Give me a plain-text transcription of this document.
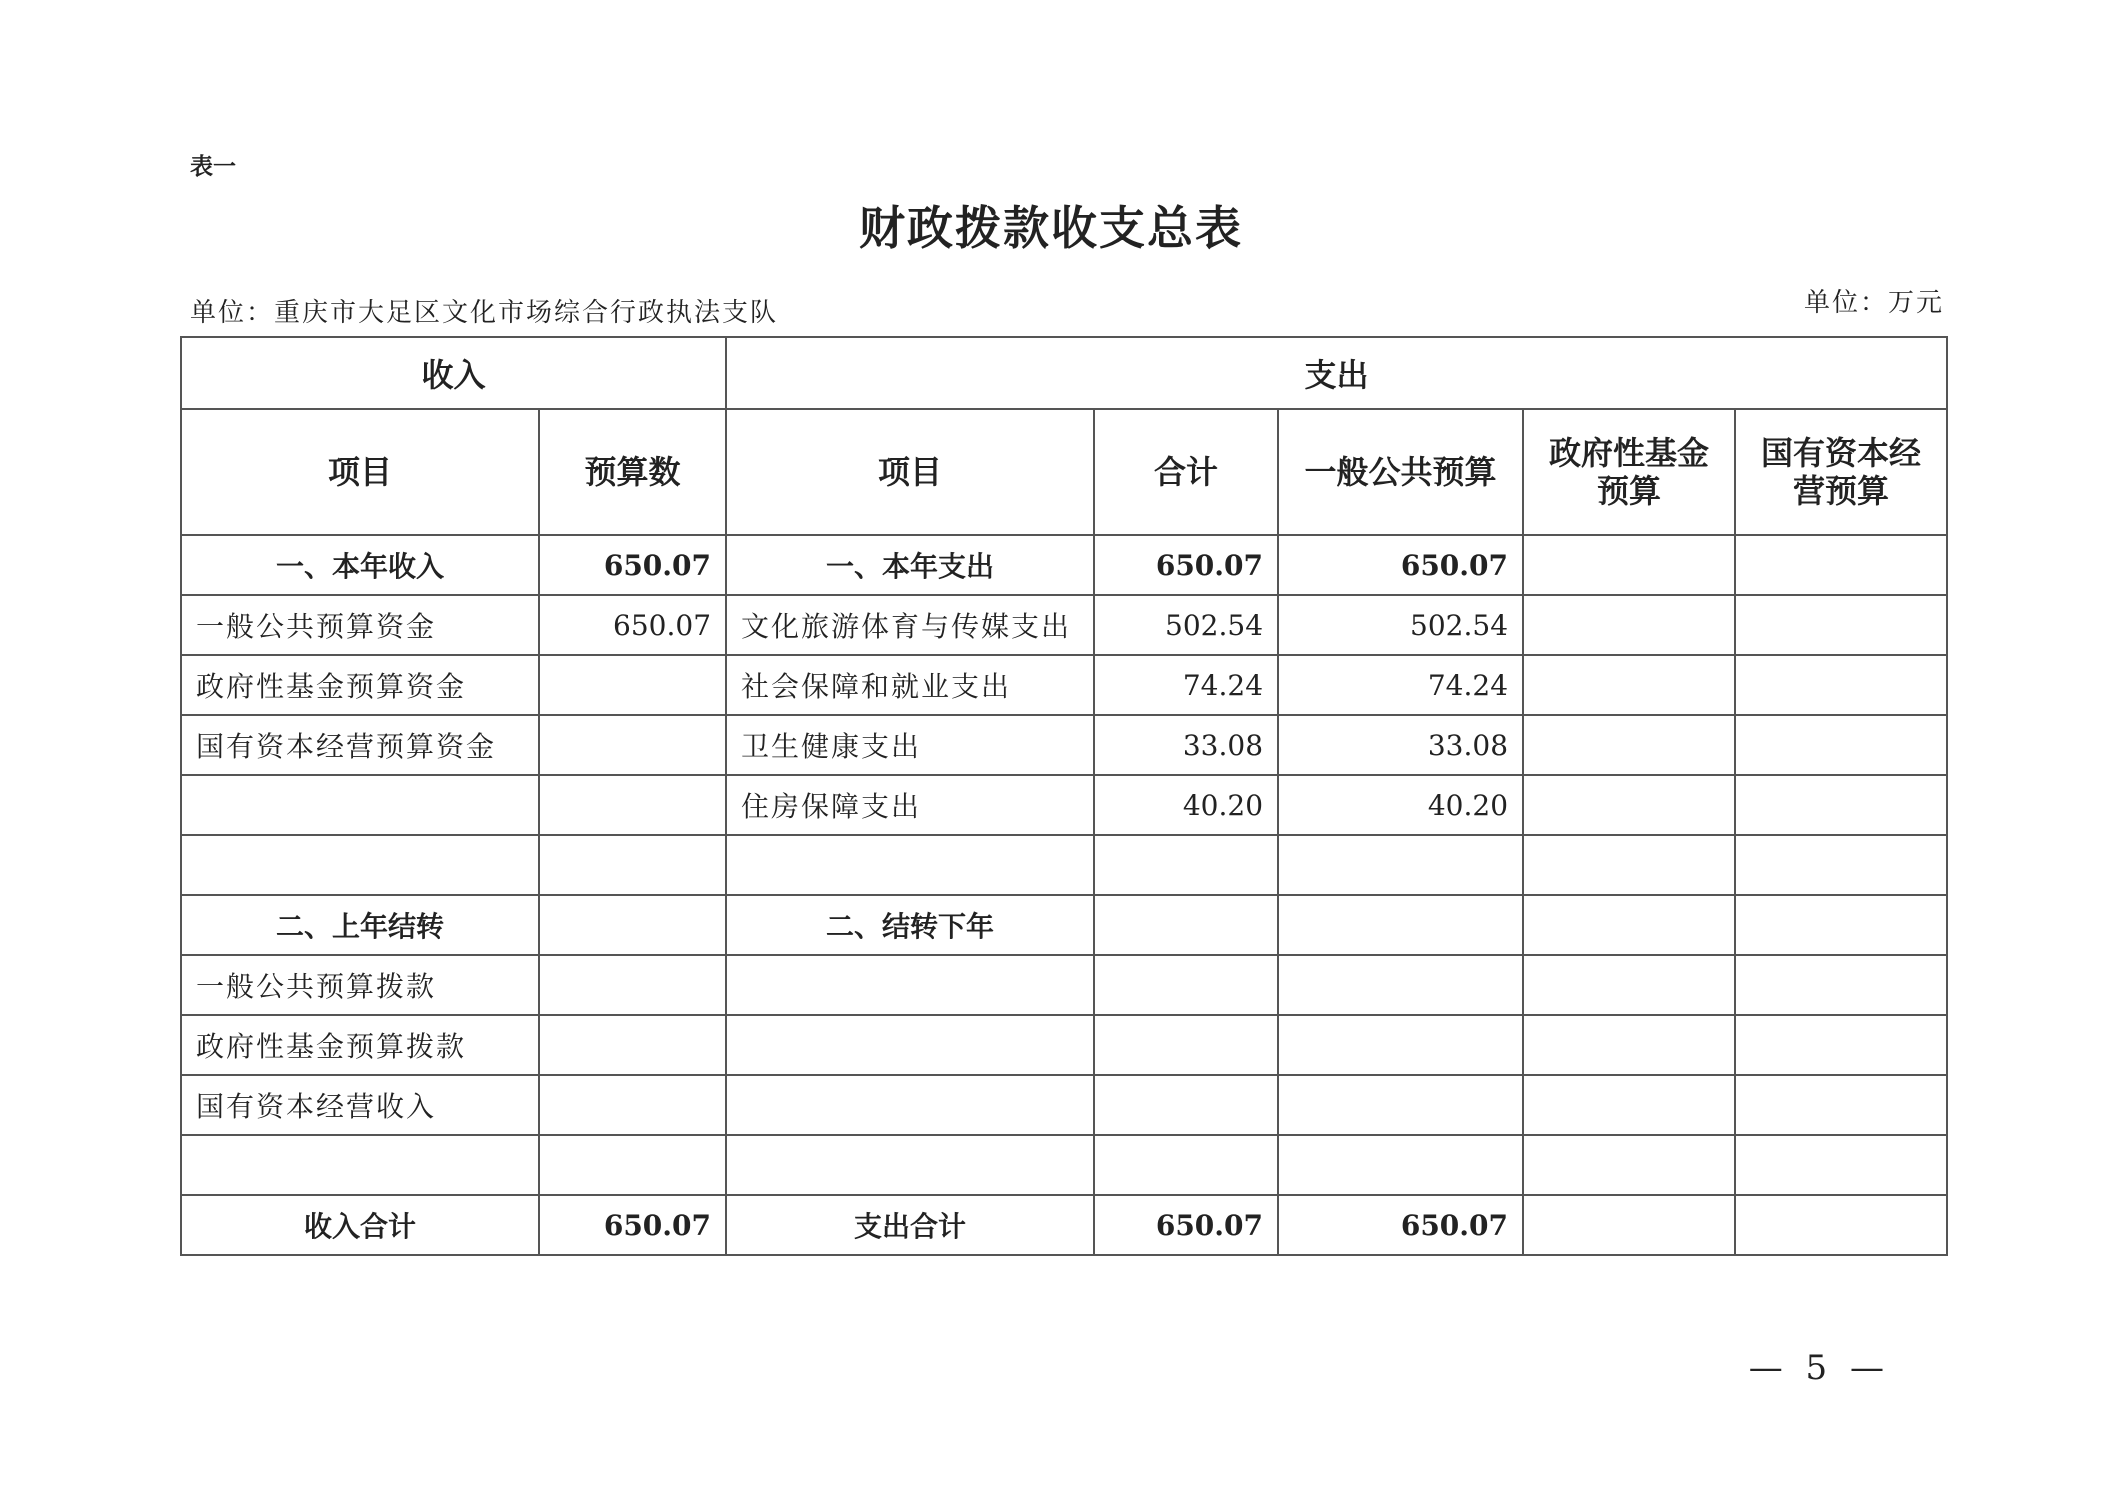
表一
财政拨款收支总表
单位：重庆市大足区文化市场综合行政执法支队	单位：万元
收入		支出				
项目	预算数	项目	合计	一般公共预算	政府性基金预算	国有资本经营预算
一、本年收入	650.07	一、本年支出	650.07	650.07		
一般公共预算资金	650.07	文化旅游体育与传媒支出	502.54	502.54		
政府性基金预算资金		社会保障和就业支出	74.24	74.24		
国有资本经营预算资金		卫生健康支出	33.08	33.08		
		住房保障支出	40.20	40.20		

二、上年结转		二、结转下年				
一般公共预算拨款						
政府性基金预算拨款						
国有资本经营收入						

收入合计	650.07	支出合计	650.07	650.07		
— 5 —
